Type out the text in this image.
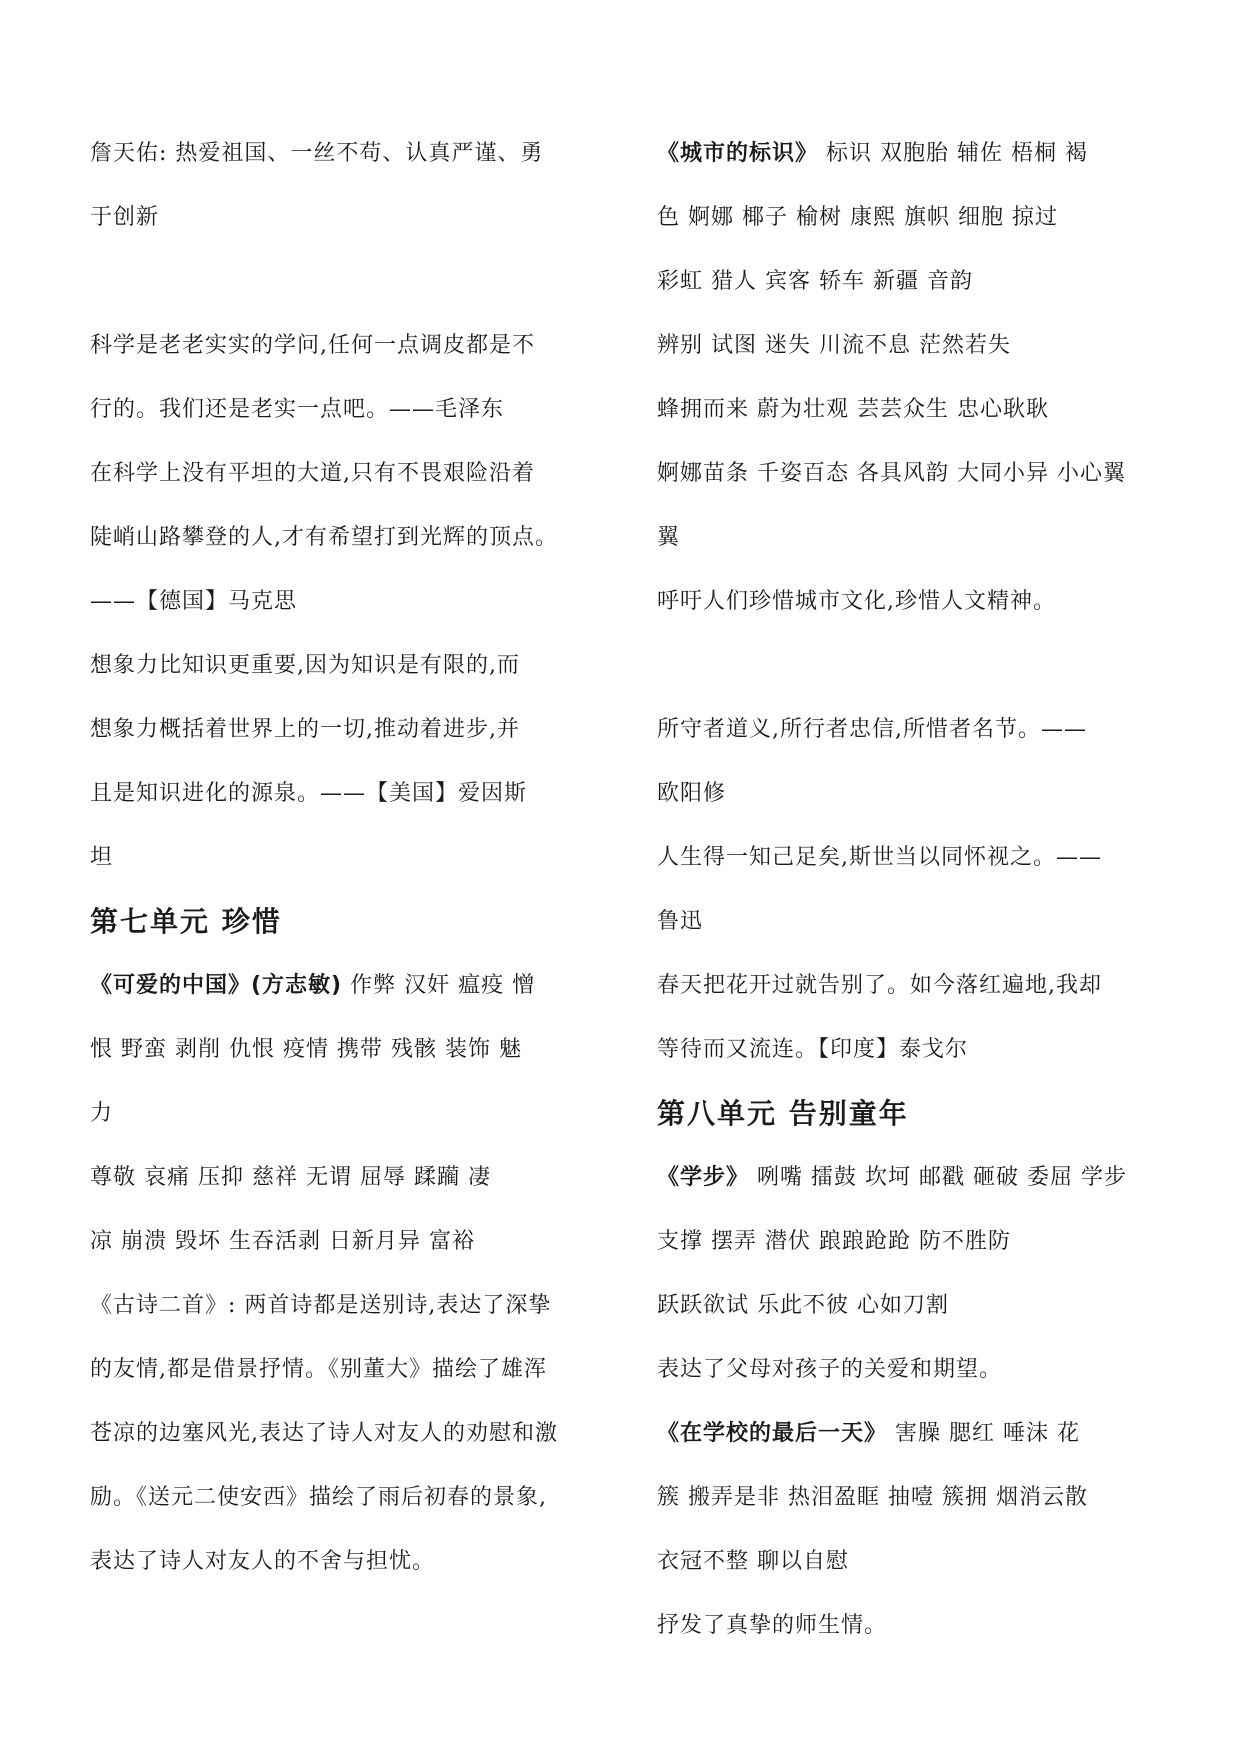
詹天佑: 热爱祖国、一丝不苟、认真严谨、勇
于创新
科学是老老实实的学问,任何一点调皮都是不
行的。我们还是老实一点吧。——毛泽东
在科学上没有平坦的大道,只有不畏艰险沿着
陡峭山路攀登的人,才有希望打到光辉的顶点。
——【德国】马克思
想象力比知识更重要,因为知识是有限的,而
想象力概括着世界上的一切,推动着进步,并
且是知识进化的源泉。——【美国】爱因斯
坦
第七单元 珍惜
《可爱的中国》(方志敏) 作弊 汉奸 瘟疫 憎
恨 野蛮 剥削 仇恨 疫情 携带 残骸 装饰 魅
力
尊敬 哀痛 压抑 慈祥 无谓 屈辱 蹂躏 凄
凉 崩溃 毁坏 生吞活剥 日新月异 富裕
《古诗二首》: 两首诗都是送别诗,表达了深挚
的友情,都是借景抒情。《别董大》描绘了雄浑
苍凉的边塞风光,表达了诗人对友人的劝慰和激
励。《送元二使安西》描绘了雨后初春的景象,
表达了诗人对友人的不舍与担忧。
《城市的标识》 标识 双胞胎 辅佐 梧桐 褐
色 婀娜 椰子 榆树 康熙 旗帜 细胞 掠过
彩虹 猎人 宾客 轿车 新疆 音韵
辨别 试图 迷失 川流不息 茫然若失
蜂拥而来 蔚为壮观 芸芸众生 忠心耿耿
婀娜苗条 千姿百态 各具风韵 大同小异 小心翼
翼
呼吁人们珍惜城市文化,珍惜人文精神。
所守者道义,所行者忠信,所惜者名节。——
欧阳修
人生得一知己足矣,斯世当以同怀视之。——
鲁迅
春天把花开过就告别了。如今落红遍地,我却
等待而又流连。【印度】泰戈尔
第八单元 告别童年
《学步》 咧嘴 擂鼓 坎坷 邮戳 砸破 委屈 学步
支撑 摆弄 潜伏 踉踉跄跄 防不胜防
跃跃欲试 乐此不彼 心如刀割
表达了父母对孩子的关爱和期望。
《在学校的最后一天》 害臊 腮红 唾沫 花
簇 搬弄是非 热泪盈眶 抽噎 簇拥 烟消云散
衣冠不整 聊以自慰
抒发了真挚的师生情。
